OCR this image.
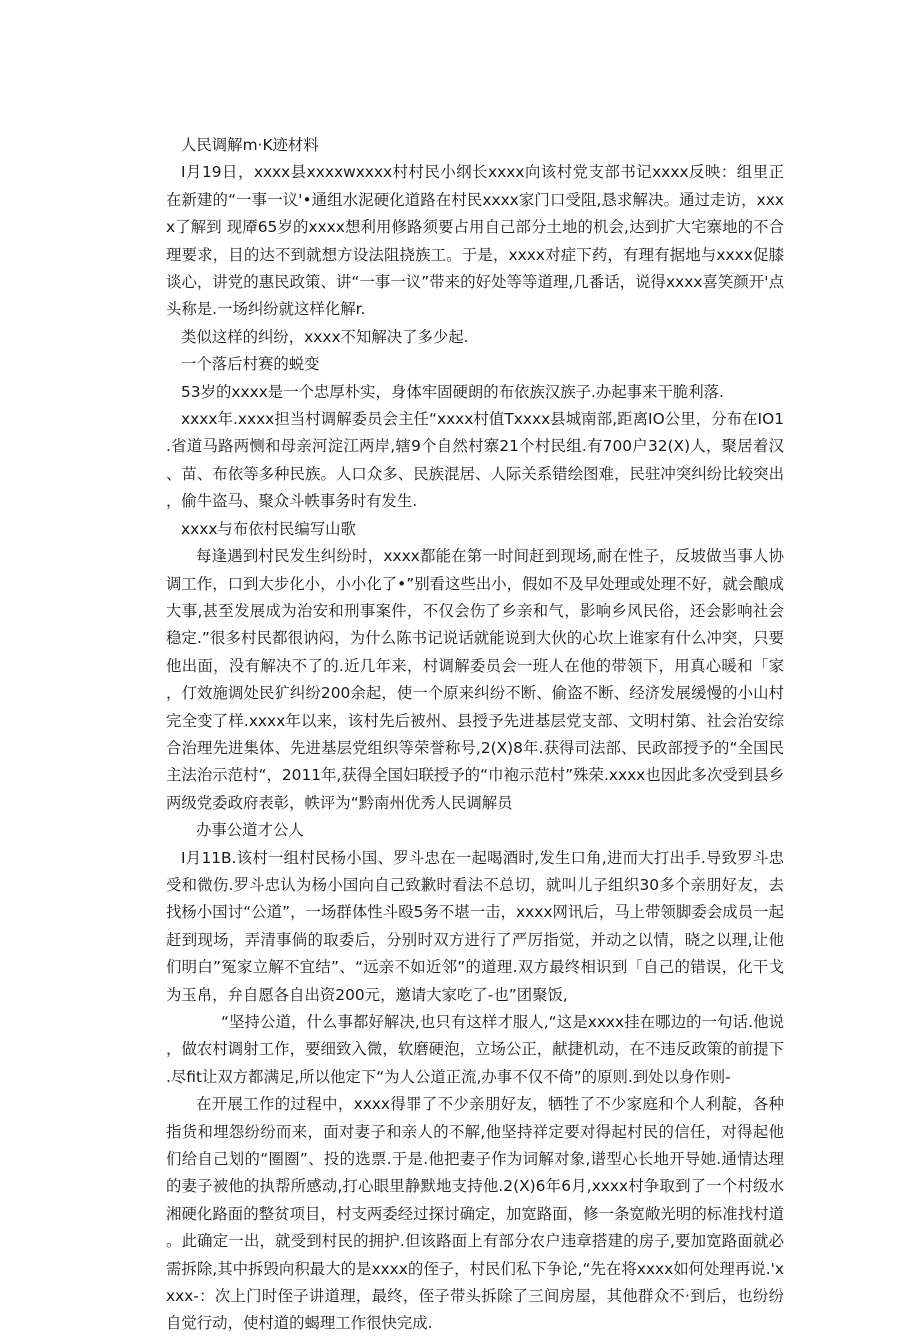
人民调解m·K迹材料

I月19日，xxxx县xxxxwxxxx村村民小纲长xxxx向该村党支部书记xxxx反映：组里正在新建的“一事一议'•通组水泥硬化道路在村民xxxx家门口受阻,恳求解决。通过走访，xxxx了解到 现厣65岁的xxxx想利用修路须要占用自己部分土地的机会,达到扩大宅寨地的不合理要求，目的达不到就想方设法阻挠族工。于是，xxxx对症下药，有理有据地与xxxx促膝谈心，讲党的惠民政策、讲“一事一议”带来的好处等等道理,几番话，说得xxxx喜笑颜开'点头称是.一场纠纷就这样化解r.

类似这样的纠纷，xxxx不知解决了多少起.

一个落后村赛的蜕变

53岁的xxxx是一个忠厚朴实，身体牢固硬朗的布依族汉族子.办起事来干脆利落.

xxxx年.xxxx担当村调解委员会主任“xxxx村值Txxxx县城南部,距离IO公里，分布在IO1.省道马路两恻和母亲河淀江两岸,辖9个自然村寨21个村民组.有700户32(X)人，聚居着汉、苗、布依等多种民族。人口众多、民族混居、人际关系错绘图难，民驻冲突纠纷比较突出，偷牛盗马、聚众斗帙事务时有发生.

xxxx与布依村民编写山歌

每逢遇到村民发生纠纷时，xxxx都能在第一时间赶到现场,耐在性子，反坡做当事人协调工作，口到大步化小，小小化了•”别看这些出小，假如不及早处理或处理不好，就会酿成大事,甚至发展成为治安和刑事案件，不仅会伤了乡亲和气，影响乡风民俗，还会影响社会稳定.”很多村民都很讷闷，为什么陈书记说话就能说到大伙的心坎上谁家有什么冲突，只要他出面，没有解决不了的.近几年来，村调解委员会一班人在他的带领下，用真心暖和「家，仃效施调处民犷纠纷200余起，使一个原来纠纷不断、偷盗不断、经济发展缓慢的小山村完全变了样.xxxx年以来，该村先后被州、县授予先进基层党支部、文明村第、社会治安综合治理先进集体、先进基层党组织等荣誉称号,2(X)8年.获得司法部、民政部授予的“全国民主法治示范村“，2011年,获得全国妇联授予的“巾袍示范村”殊荣.xxxx也因此多次受到县乡两级党委政府表彰，帙评为“黔南州优秀人民调解员

办事公道才公人

I月11B.该村一组村民杨小国、罗斗忠在一起喝酒时,发生口角,进而大打出手.导致罗斗忠受和微伤.罗斗忠认为杨小国向自己致歉时看法不总切，就叫儿子组织30多个亲朋好友，去找杨小国讨“公道”，一场群体性斗殴5务不堪一击，xxxx网讯后，马上带领脚委会成员一起赶到现场，弄清事倘的取委后，分别时双方进行了严厉指觉，并动之以情，晓之以理,让他们明白”冤家立解不宜结”、“远亲不如近邻”的道理.双方最终相识到「自己的错误，化干戈为玉帛，弁自愿各自出资200元，邀请大家吃了-也”团聚饭,

“坚持公道，什么事都好解决,也只有这样才服人,“这是xxxx挂在哪边的一句话.他说，做农村调射工作，要细致入微，软磨硬泡，立场公正，献捷机动，在不违反政策的前提下.尽fit让双方都满足,所以他定下“为人公道正流,办事不仅不倚”的原则.到处以身作则-

在开展工作的过程中，xxxx得罪了不少亲朋好友，牺牲了不少家庭和个人利靛，各种指货和埋怨纷纷而来，面对妻子和亲人的不解,他坚持祥定要对得起村民的信任，对得起他们给自己划的“圈圈”、投的选票.于是.他把妻子作为词解对象,谱型心长地开导她.通情达理的妻子被他的执帮所感动,打心眼里静默地支持他.2(X)6年6月,xxxx村争取到了一个村级水湘硬化路面的整贫项目，村支两委经过探讨确定，加宽路面，修一条宽敞光明的标准找村道。此确定一出，就受到村民的拥护.但该路面上有部分农户违章搭建的房子,要加宽路面就必需拆除,其中拆毁向积最大的是xxxx的侄子，村民们私下争论,“先在将xxxx如何处理再说.'xxxx-：次上门时侄子讲道理，最终，侄子带头拆除了三间房屋，其他群众不·到后，也纷纷自觉行动，使村道的蝎理工作很快完成.
